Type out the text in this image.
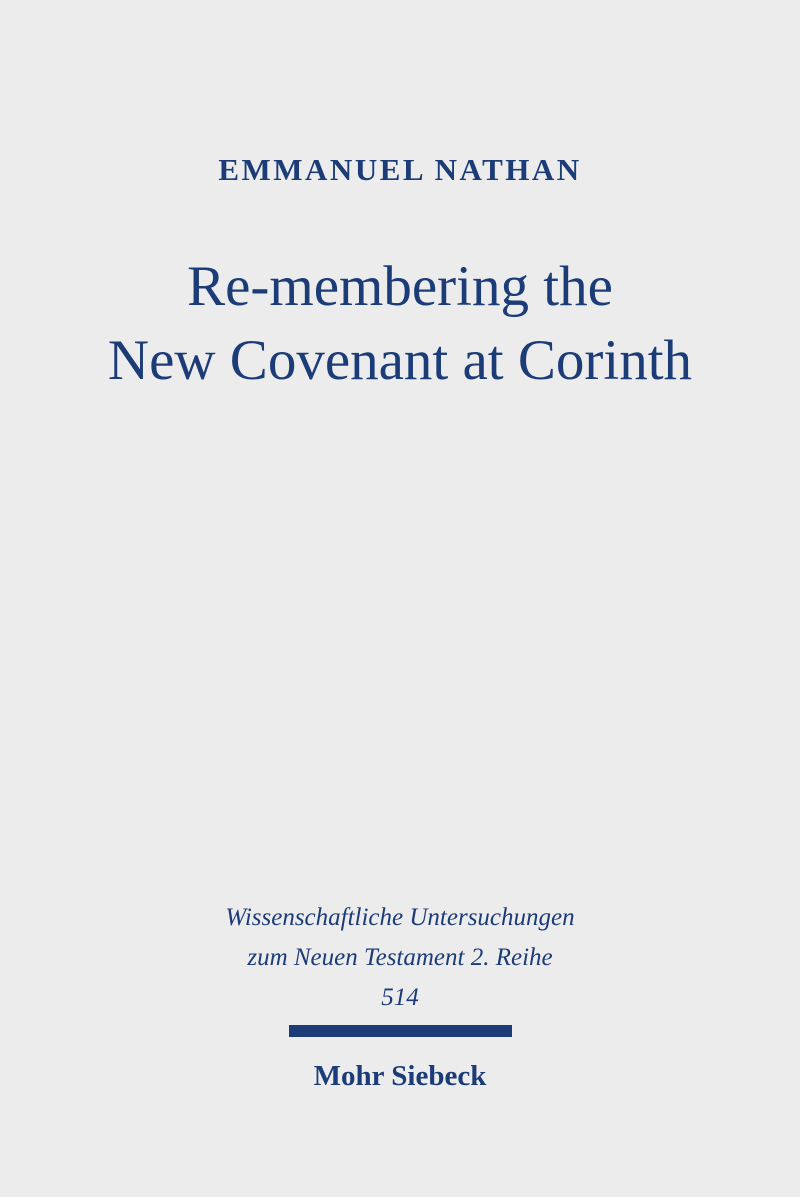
EMMANUEL NATHAN
Re-membering the
New Covenant at Corinth
Wissenschaftliche Untersuchungen
zum Neuen Testament 2. Reihe
514
Mohr Siebeck
